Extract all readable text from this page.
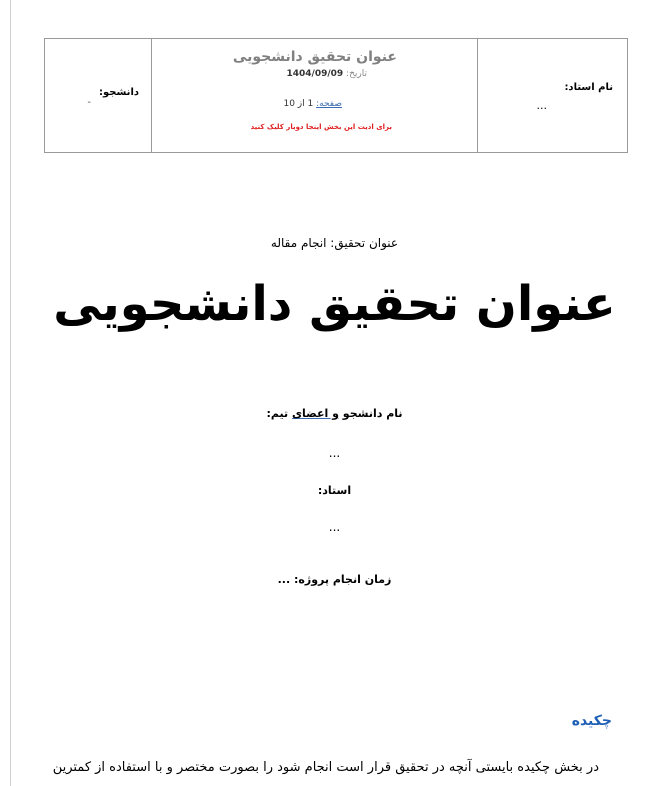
نام استاد:
...
عنوان تحقیق دانشجویی
تاریخ: 1404/09/09
صفحه: 1 از 10
برای ادیت این بخش اینجا دوبار کلیک کنید
دانشجو:
-
عنوان تحقیق: انجام مقاله
عنوان تحقیق دانشجویی
نام دانشجو و اعضای تیم:
...
استاد:
...
زمان انجام پروژه: ...
چکیده
در بخش چکیده بایستی آنچه در تحقیق قرار است انجام شود را بصورت مختصر و با استفاده از کمترین
